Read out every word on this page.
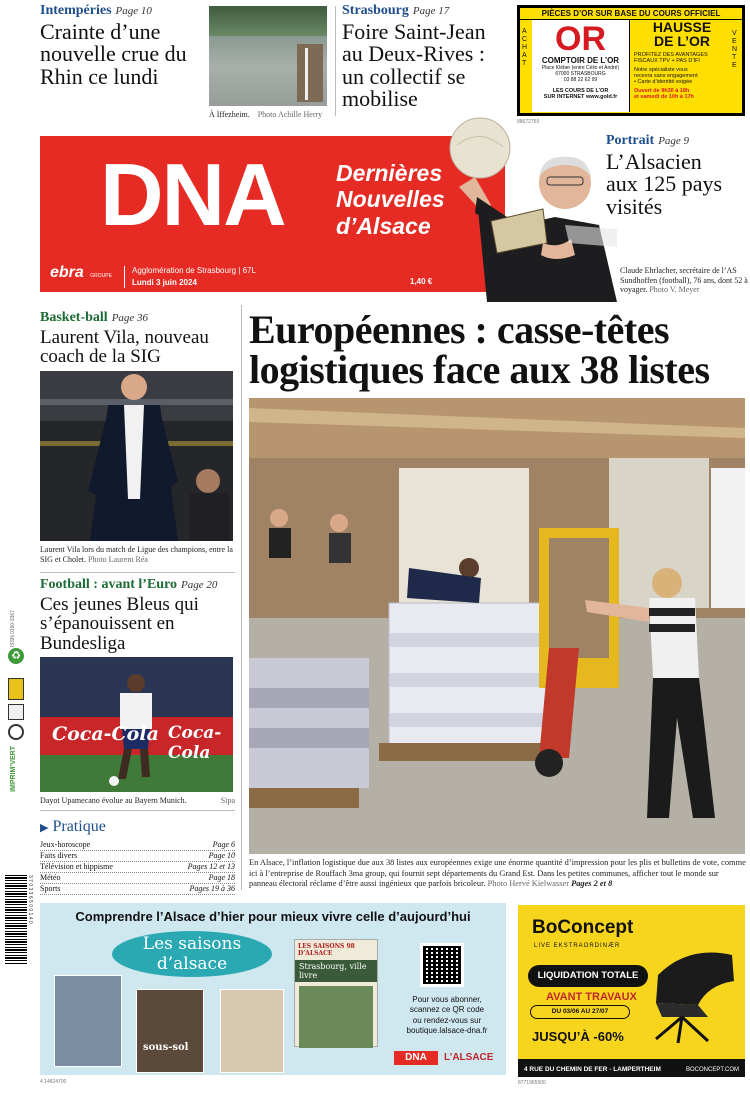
Intempéries Page 10
Crainte d’une nouvelle crue du Rhin ce lundi
À Iffezheim. Photo Achille Herry
Strasbourg Page 17
Foire Saint-Jean au Deux-Rives : un collectif se mobilise
PIÈCES D’OR SUR BASE DU COURS OFFICIEL
ACHAT
VENTE
OR
COMPTOIR DE L’OR
Place Kléber (entre Célio et André)
67000 STRASBOURG
03 88 22 62 99
LES COURS DE L’OR
SUR INTERNET www.gold.fr
HAUSSE
DE L’OR
PROFITEZ DES AVANTAGES
FISCAUX TPV + PAS D’IFI
Notre spécialiste vous
recevra sans engagement
• Carte d’identité exigée
Ouvert de 9h30 à 18h
et samedi de 10h à 17h
88672755
DNA Dernières
Nouvelles
d’Alsace
ebra GROUPE
Agglomération de Strasbourg | 67L
Lundi 3 juin 2024	1,40 €
Portrait Page 9
L’Alsacien aux 125 pays visités
Claude Ehrlacher, secrétaire de l’AS Sundhoffen (football), 76 ans, dont 52 à voyager. Photo V. Meyer
Basket-ball Page 36
Laurent Vila, nouveau coach de la SIG
Laurent Vila lors du match de Ligue des champions, entre la SIG et Cholet. Photo Laurent Réa
Football : avant l’Euro Page 20
Ces jeunes Bleus qui s’épanouissent en Bundesliga
Coca-Cola Coca-Cola
Dayot Upamecano évolue au Bayern Munich.	Sipa
▶ Pratique
Jeux-horoscope	Page 6
Faits divers	Page 10
Télévision et hippisme	Pages 12 et 13
Météo	Page 18
Sports	Pages 19 à 36
ISSN 0150-3367
♻
IMPRIM’VERT
3 7 0 3 3 6 5 0 0 1 4 0
Européennes : casse-têtes logistiques face aux 38 listes
En Alsace, l’inflation logistique due aux 38 listes aux européennes exige une énorme quantité d’impression pour les plis et bulletins de vote, comme ici à l’entreprise de Rouffach 3ma group, qui fournit sept départements du Grand Est. Dans les petites communes, afficher tout le monde sur panneau électoral réclame d’être aussi ingénieux que parfois bricoleur. Photo Hervé Kielwasser Pages 2 et 8
Comprendre l’Alsace d’hier pour mieux vivre celle d’aujourd’hui
Les saisons
d’alsace
sous-sol
LES SAISONS 98 D’ALSACE
Strasbourg, ville livre
Pour vous abonner,
scannez ce QR code
ou rendez-vous sur
boutique.lalsace-dna.fr
DNA	L’ALSACE
4 14824700
BoConcept
LIVE EKSTRAORDINÆR
LIQUIDATION TOTALE
AVANT TRAVAUX
DU 03/06 AU 27/07
JUSQU’À -60%
4 RUE DU CHEMIN DE FER - LAMPERTHEIM	BOCONCEPT.COM
8771965500
